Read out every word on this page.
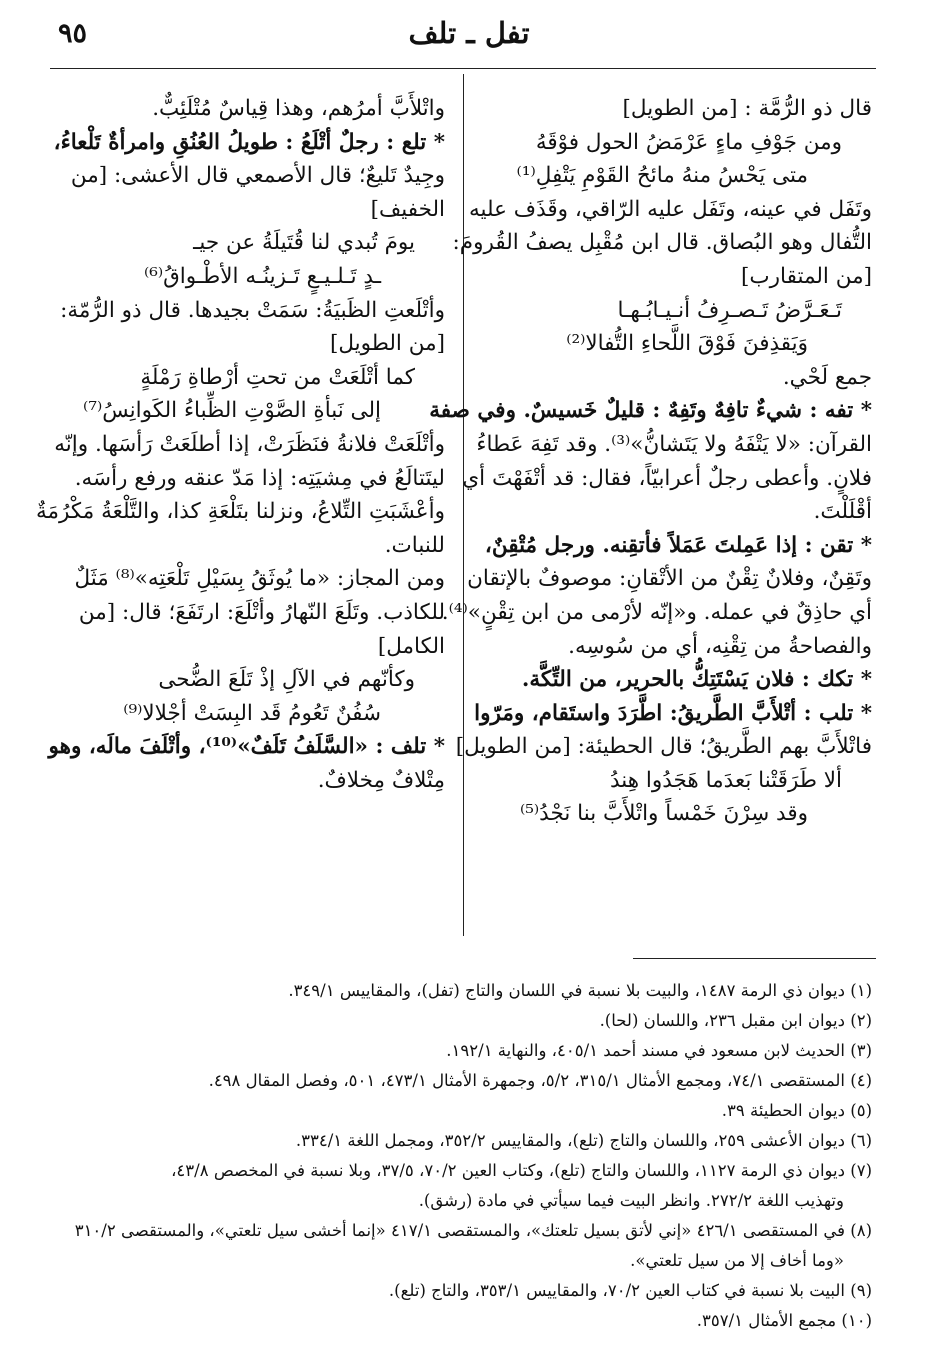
٩٥	تفل ـ تلف
قال ذو الرُّمَّة : [من الطويل]
ومن جَوْفِ ماءٍ عَرْمَضُ الحول فوْقَهُ
متى يَحْسُ منهُ مائحُ القَوْمِ يَتْفِلِ⁽¹⁾
وتَفَل في عينه، وتَفَل عليه الرّاقي، وقَذَف عليه
التُّفال وهو البُصاق. قال ابن مُقْبِل يصفُ القُرومَ:
[من المتقارب]
تَـعَـرَّضُ تَـصـرِفُ أنـيـابُـهـا
وَيَقذِفنَ فَوْقَ اللَّحاءِ التُّفالا⁽²⁾
جمع لَحْي.
* تفه : شيءٌ تافِهٌ وتَفِهٌ : قليلٌ خَسيسٌ. وفي صفة
القرآن: «لا يَتْفَهُ ولا يَتَشانُّ»⁽³⁾. وقد تَفِهَ عَطاءُ
فلانٍ. وأعطى رجلٌ أعرابيّاً، فقال: قد أتْفَهْتَ أي
أقْلَلْتَ.
* تقن : إذا عَمِلتَ عَمَلاً فأتقِنه. ورجل مُتْقِنٌ،
وتَقِنٌ، وفلانٌ تِقْنٌ من الأتْقانِ: موصوفٌ بالإتقان
أي حاذِقٌ في عمله. و«إنّه لأرْمى من ابن تِقْنٍ»⁽⁴⁾.
والفصاحةُ من تِقْنِه، أي من سُوسِه.
* تكك : فلان يَسْتَتِكُّ بالحرير، من التِّكَّة.
* تلب : أتْلأَبَّ الطَّريقُ: اطَّرَدَ واستَقام، ومَرّوا
فاتْلأَبَّ بهم الطَّريقُ؛ قال الحطيئة: [من الطويل]
ألا طَرَقَتْنا بَعدَما هَجَدُوا هِندُ
وقد سِرْنَ خَمْساً واتْلأَبَّ بنا نَجْدُ⁽⁵⁾
واتْلأَبَّ أمرُهم، وهذا قِياسٌ مُتْلَئِبٌّ.
* تلع : رجلٌ أتْلَعُ : طويلُ العُنُقِ وامرأةٌ تَلْعاءُ،
وجِيدٌ تَليعٌ؛ قال الأصمعي قال الأعشى: [من
الخفيف]
يومَ تُبدي لنا قُتَيلَةُ عن جيـ
ـدٍ تَـلـيـعٍ تَـزينُـه الأطْـواقُ⁽⁶⁾
وأتْلَعتِ الظَبيَةُ: سَمَتْ بجيدها. قال ذو الرُّمّة:
[من الطويل]
كما أتْلَعَتْ من تحتِ أرْطاةِ رَمْلَةٍ
إلى نَبأةِ الصَّوْتِ الظِّباءُ الكَوانِسُ⁽⁷⁾
وأتْلَعَتْ فلانةُ فنَظَرَتْ، إذا أطلَعَتْ رَأسَها. وإنّه
ليتَتالَعُ في مِشيَتِه: إذا مَدّ عنقه ورفع رأسَه.
وأعْشَبَتِ التِّلاعُ، ونزلنا بتَلْعَةِ كذا، والتَّلْعَةُ مَكْرُمَةٌ
للنبات.
ومن المجاز: «ما يُوثَقُ بِسَيْلِ تَلْعَتِه»⁽⁸⁾ مَثَلٌ
للكاذب. وتَلَعَ النّهارُ وأتْلَعَ: ارتَفَعَ؛ قال: [من
الكامل]
وكأنّهم في الآلِ إذْ تَلَعَ الضُّحى
سُفُنٌ تَعُومُ قَد البِسَتْ أجْلالا⁽⁹⁾
* تلف : «السَّلَفُ تَلَفٌ»⁽¹⁰⁾، وأتْلَفَ مالَه، وهو
مِتْلافٌ مِخلافٌ.
(١) ديوان ذي الرمة ١٤٨٧، والبيت بلا نسبة في اللسان والتاج (تفل)، والمقاييس ٣٤٩/١.
(٢) ديوان ابن مقبل ٢٣٦، واللسان (لحا).
(٣) الحديث لابن مسعود في مسند أحمد ٤٠٥/١، والنهاية ١٩٢/١.
(٤) المستقصى ٧٤/١، ومجمع الأمثال ٣١٥/١، ٥/٢، وجمهرة الأمثال ٤٧٣/١، ٥٠١، وفصل المقال ٤٩٨.
(٥) ديوان الحطيئة ٣٩.
(٦) ديوان الأعشى ٢٥٩، واللسان والتاج (تلع)، والمقاييس ٣٥٢/٢، ومجمل اللغة ٣٣٤/١.
(٧) ديوان ذي الرمة ١١٢٧، واللسان والتاج (تلع)، وكتاب العين ٧٠/٢، ٣٧/٥، وبلا نسبة في المخصص ٤٣/٨،
وتهذيب اللغة ٢٧٢/٢. وانظر البيت فيما سيأتي في مادة (رشق).
(٨) في المستقصى ٤٢٦/١ «إني لأتق بسيل تلعتك»، والمستقصى ٤١٧/١ «إنما أخشى سيل تلعتي»، والمستقصى ٣١٠/٢
«وما أخاف إلا من سيل تلعتي».
(٩) البيت بلا نسبة في كتاب العين ٧٠/٢، والمقاييس ٣٥٣/١، والتاج (تلع).
(١٠) مجمع الأمثال ٣٥٧/١.
